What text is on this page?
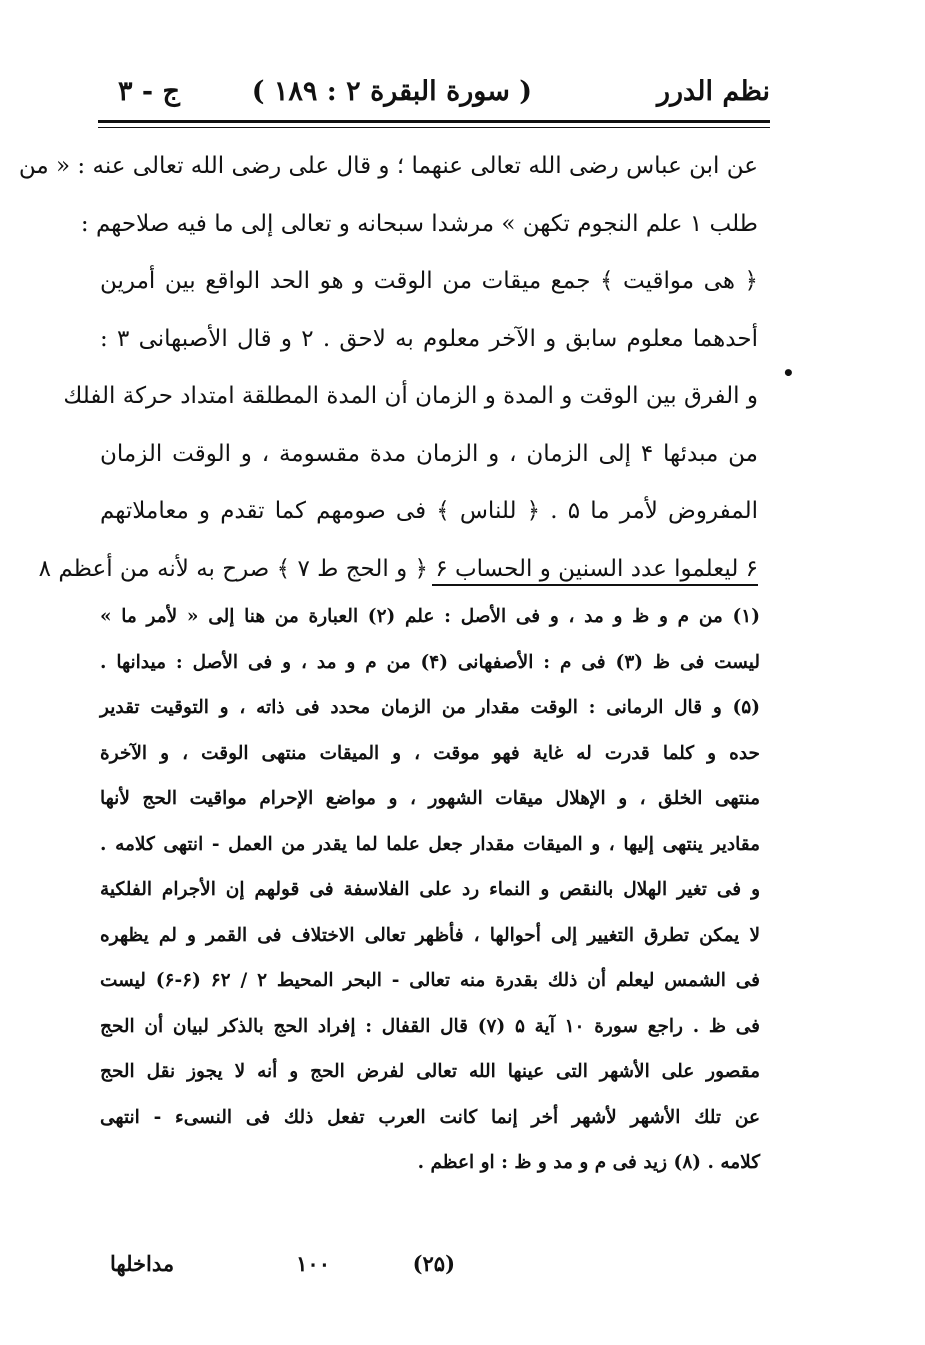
نظم الدرر
( سورة البقرة ۲ : ۱۸۹ )
ج - ۳
•
عن ابن عباس رضى الله تعالى عنهما ؛ و قال على رضى الله تعالى عنه : « من
طلب ۱ علم النجوم تكهن » مرشدا سبحانه و تعالى إلى ما فيه صلاحهم :
﴿ هى مواقيت ﴾ جمع ميقات من الوقت و هو الحد الواقع بين أمرين
أحدهما معلوم سابق و الآخر معلوم به لاحق . ۲ و قال الأصبهانى ۳ :
و الفرق بين الوقت و المدة و الزمان أن المدة المطلقة امتداد حركة الفلك
من مبدئها ۴ إلى الزمان ، و الزمان مدة مقسومة ، و الوقت الزمان
المفروض لأمر ما ۵ . ﴿ للناس ﴾ فى صومهم كما تقدم و معاملاتهم
۶ ليعلموا عدد السنين و الحساب ۶ ﴿ و الحج ط ۷ ﴾ صرح به لأنه من أعظم ۸
(۱) من م و ظ و مد ، و فى الأصل : علم (۲) العبارة من هنا إلى « لأمر ما »
ليست فى ظ (۳) فى م : الأصفهانى (۴) من م و مد ، و فى الأصل : ميدانها .
(۵) و قال الرمانى : الوقت مقدار من الزمان محدد فى ذاته ، و التوقيت تقدير
حده و كلما قدرت له غاية فهو موقت ، و الميقات منتهى الوقت ، و الآخرة
منتهى الخلق ، و الإهلال ميقات الشهور ، و مواضع الإحرام مواقيت الحج لأنها
مقادير ينتهى إليها ، و الميقات مقدار جعل علما لما يقدر من العمل - انتهى كلامه .
و فى تغير الهلال بالنقص و النماء رد على الفلاسفة فى قولهم إن الأجرام الفلكية
لا يمكن تطرق التغيير إلى أحوالها ، فأظهر تعالى الاختلاف فى القمر و لم يظهره
فى الشمس ليعلم أن ذلك بقدرة منه تعالى - البحر المحيط ۲ / ۶۲ (۶-۶) ليست
فى ظ . راجع سورة ۱۰ آية ۵ (۷) قال القفال : إفراد الحج بالذكر لبيان أن الحج
مقصور على الأشهر التى عينها الله تعالى لفرض الحج و أنه لا يجوز نقل الحج
عن تلك الأشهر لأشهر أخر إنما كانت العرب تفعل ذلك فى النسىء - انتهى
كلامه . (۸) زيد فى م و مد و ظ : او اعظم .
۱۰۰	(۲۵)
مداخلها
